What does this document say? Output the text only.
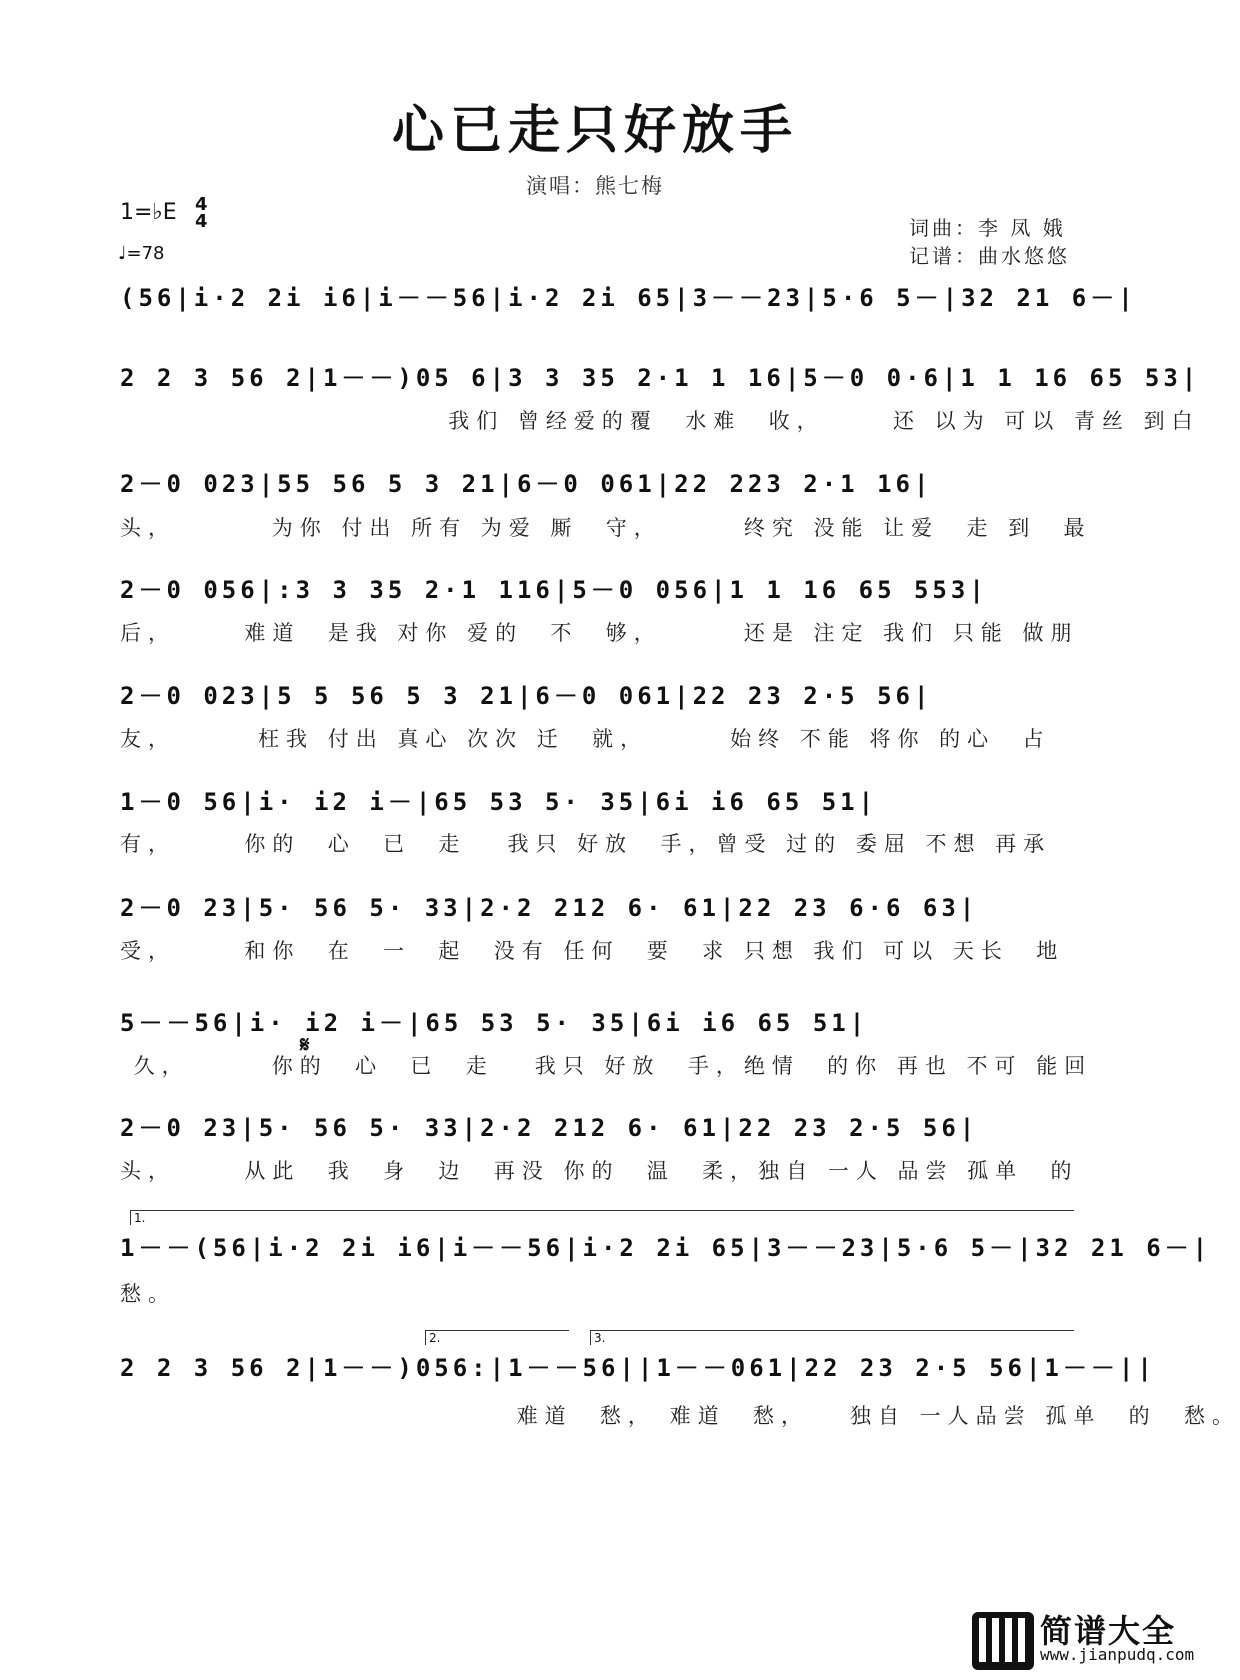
心已走只好放手
演唱：熊七梅
1=♭E 4
4
♩=78
词曲：李 凤 娥
记谱：曲水悠悠
𝄋
(56|i·2 2i i6|i－－56|i·2 2i 65|3－－23|5·6 5－|32 21 6－|
2 2 3 56 2|1－－)05 6|3 3 35 2·1 1 16|5－0 0·6|1 1 16 65 53|
我们 曾经爱的覆  水难  收，     还 以为 可以 青丝 到白
2－0 023|55 56 5 3 21|6－0 061|22 223 2·1 16|
头，       为你 付出 所有 为爱 厮  守，      终究 没能 让爱  走 到  最
2－0 056|:3 3 35 2·1 116|5－0 056|1 1 16 65 553|
后，     难道  是我 对你 爱的  不  够，      还是 注定 我们 只能 做朋
2－0 023|5 5 56 5 3 21|6－0 061|22 23 2·5 56|
友，      枉我 付出 真心 次次 迁  就，      始终 不能 将你 的心  占
1－0 56|i· i2 i－|65 53 5· 35|6i i6 65 51|
有，     你的  心  已  走   我只 好放  手，曾受 过的 委屈 不想 再承
2－0 23|5· 56 5· 33|2·2 212 6· 61|22 23 6·6 63|
受，     和你  在  一  起  没有 任何  要  求 只想 我们 可以 天长  地
5－－56|i· i2 i－|65 53 5· 35|6i i6 65 51|
久，      你的  心  已  走   我只 好放  手，绝情  的你 再也 不可 能回
2－0 23|5· 56 5· 33|2·2 212 6· 61|22 23 2·5 56|
头，     从此  我  身  边  再没 你的  温  柔，独自 一人 品尝 孤单  的
1.
1－－(56|i·2 2i i6|i－－56|i·2 2i 65|3－－23|5·6 5－|32 21 6－|
愁。
2.	3.
2 2 3 56 2|1－－)056:|1－－56||1－－061|22 23 2·5 56|1－－||
难道  愁， 难道  愁，   独自 一人品尝 孤单  的  愁。
简谱大全
www.jianpudq.com
